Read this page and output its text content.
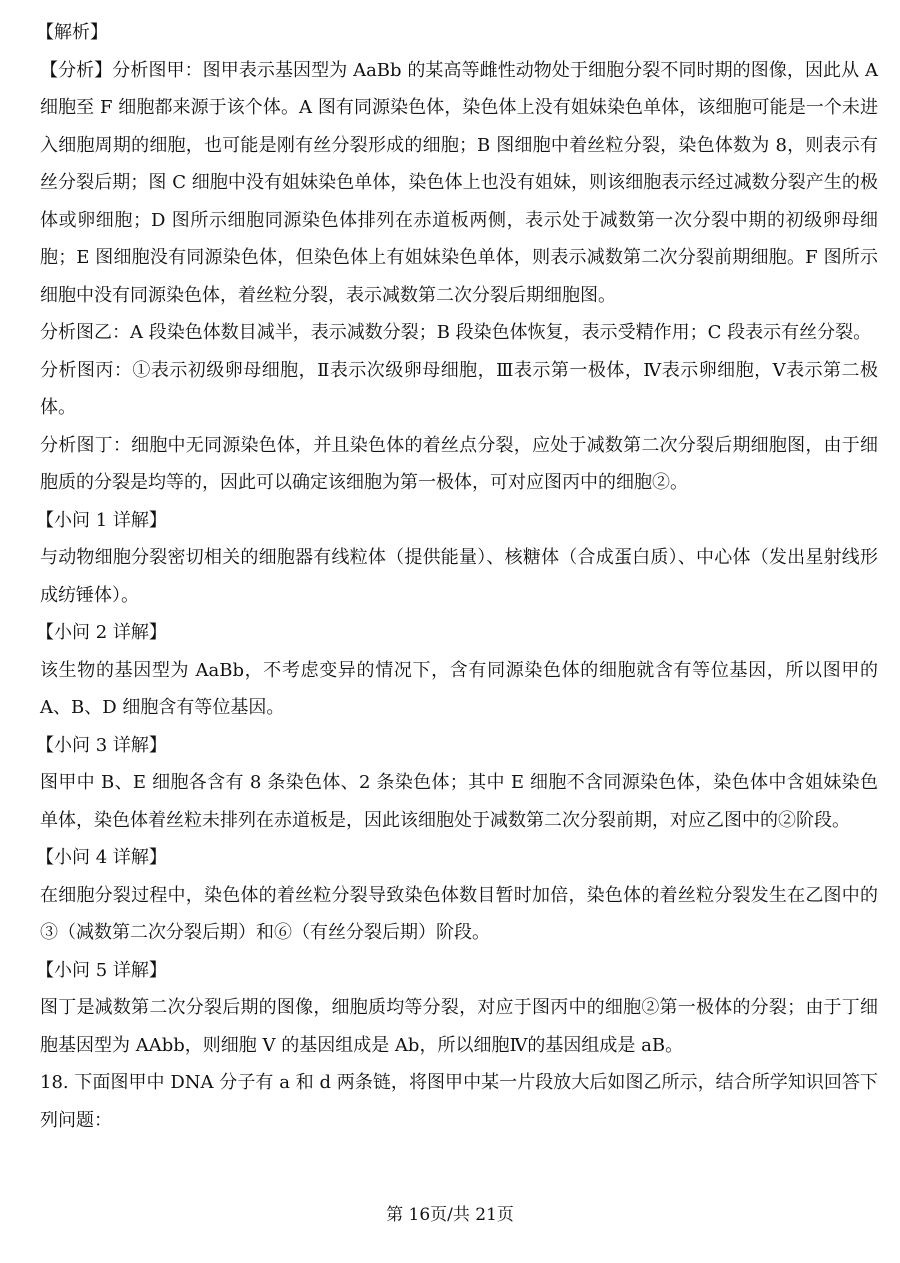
【解析】

【分析】分析图甲：图甲表示基因型为 AaBb 的某高等雌性动物处于细胞分裂不同时期的图像，因此从 A 细胞至 F 细胞都来源于该个体。A 图有同源染色体，染色体上没有姐妹染色单体，该细胞可能是一个未进入细胞周期的细胞，也可能是刚有丝分裂形成的细胞；B 图细胞中着丝粒分裂，染色体数为 8，则表示有丝分裂后期；图 C 细胞中没有姐妹染色单体，染色体上也没有姐妹，则该细胞表示经过减数分裂产生的极体或卵细胞；D 图所示细胞同源染色体排列在赤道板两侧，表示处于减数第一次分裂中期的初级卵母细胞；E 图细胞没有同源染色体，但染色体上有姐妹染色单体，则表示减数第二次分裂前期细胞。F 图所示细胞中没有同源染色体，着丝粒分裂，表示减数第二次分裂后期细胞图。

分析图乙：A 段染色体数目减半，表示减数分裂；B 段染色体恢复，表示受精作用；C 段表示有丝分裂。

分析图丙：①表示初级卵母细胞，Ⅱ表示次级卵母细胞，Ⅲ表示第一极体，Ⅳ表示卵细胞，Ⅴ表示第二极体。

分析图丁：细胞中无同源染色体，并且染色体的着丝点分裂，应处于减数第二次分裂后期细胞图，由于细胞质的分裂是均等的，因此可以确定该细胞为第一极体，可对应图丙中的细胞②。

【小问 1 详解】

与动物细胞分裂密切相关的细胞器有线粒体（提供能量）、核糖体（合成蛋白质）、中心体（发出星射线形成纺锤体）。

【小问 2 详解】

该生物的基因型为 AaBb，不考虑变异的情况下，含有同源染色体的细胞就含有等位基因，所以图甲的 A、B、D 细胞含有等位基因。

【小问 3 详解】

图甲中 B、E 细胞各含有 8 条染色体、2 条染色体；其中 E 细胞不含同源染色体，染色体中含姐妹染色单体，染色体着丝粒未排列在赤道板是，因此该细胞处于减数第二次分裂前期，对应乙图中的②阶段。

【小问 4 详解】

在细胞分裂过程中，染色体的着丝粒分裂导致染色体数目暂时加倍，染色体的着丝粒分裂发生在乙图中的③（减数第二次分裂后期）和⑥（有丝分裂后期）阶段。

【小问 5 详解】

图丁是减数第二次分裂后期的图像，细胞质均等分裂，对应于图丙中的细胞②第一极体的分裂；由于丁细胞基因型为 AAbb，则细胞 V 的基因组成是 Ab，所以细胞Ⅳ的基因组成是 aB。

18. 下面图甲中 DNA 分子有 a 和 d 两条链，将图甲中某一片段放大后如图乙所示，结合所学知识回答下列问题：

第 16页/共 21页
